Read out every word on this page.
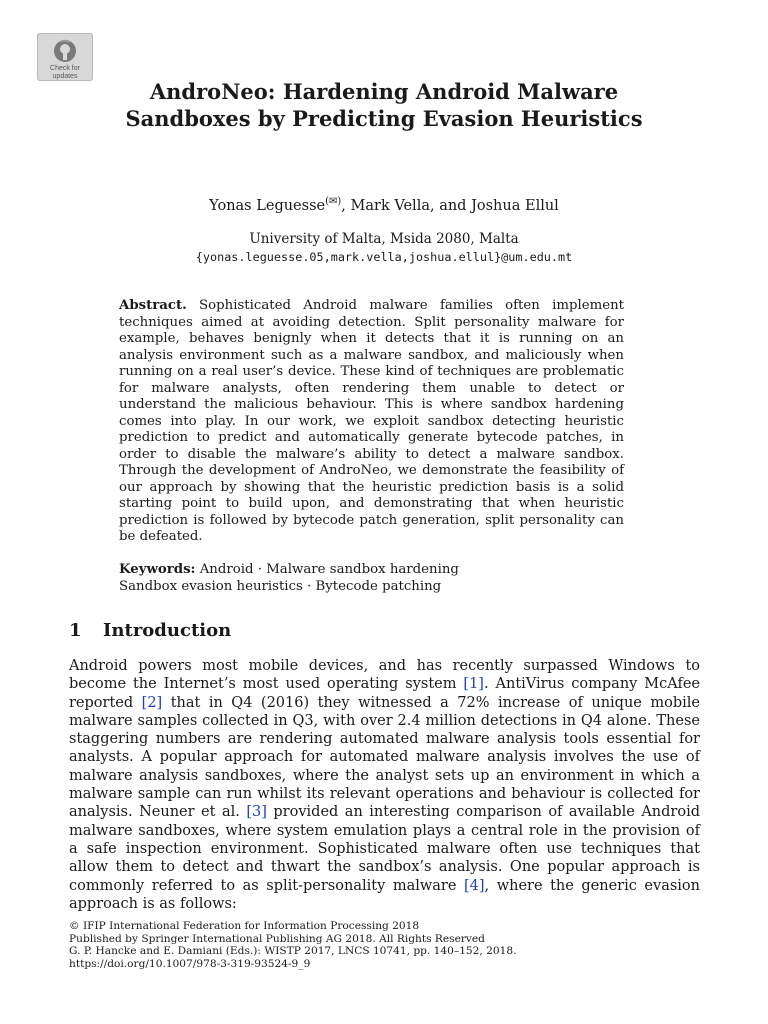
Check for updates
AndroNeo: Hardening Android Malware Sandboxes by Predicting Evasion Heuristics
Yonas Leguesse(✉), Mark Vella, and Joshua Ellul
University of Malta, Msida 2080, Malta
{yonas.leguesse.05,mark.vella,joshua.ellul}@um.edu.mt
Abstract. Sophisticated Android malware families often implement techniques aimed at avoiding detection. Split personality malware for example, behaves benignly when it detects that it is running on an analysis environment such as a malware sandbox, and maliciously when running on a real user’s device. These kind of techniques are problematic for malware analysts, often rendering them unable to detect or understand the malicious behaviour. This is where sandbox hardening comes into play. In our work, we exploit sandbox detecting heuristic prediction to predict and automatically generate bytecode patches, in order to disable the malware’s ability to detect a malware sandbox. Through the development of AndroNeo, we demonstrate the feasibility of our approach by showing that the heuristic prediction basis is a solid starting point to build upon, and demonstrating that when heuristic prediction is followed by bytecode patch generation, split personality can be defeated.
Keywords: Android · Malware sandbox hardening
Sandbox evasion heuristics · Bytecode patching
1 Introduction
Android powers most mobile devices, and has recently surpassed Windows to become the Internet’s most used operating system [1]. AntiVirus company McAfee reported [2] that in Q4 (2016) they witnessed a 72% increase of unique mobile malware samples collected in Q3, with over 2.4 million detections in Q4 alone. These staggering numbers are rendering automated malware analysis tools essential for analysts. A popular approach for automated malware analysis involves the use of malware analysis sandboxes, where the analyst sets up an environment in which a malware sample can run whilst its relevant operations and behaviour is collected for analysis. Neuner et al. [3] provided an interesting comparison of available Android malware sandboxes, where system emulation plays a central role in the provision of a safe inspection environment. Sophisticated malware often use techniques that allow them to detect and thwart the sandbox’s analysis. One popular approach is commonly referred to as split-personality malware [4], where the generic evasion approach is as follows:
© IFIP International Federation for Information Processing 2018
Published by Springer International Publishing AG 2018. All Rights Reserved
G. P. Hancke and E. Damiani (Eds.): WISTP 2017, LNCS 10741, pp. 140–152, 2018.
https://doi.org/10.1007/978-3-319-93524-9_9
